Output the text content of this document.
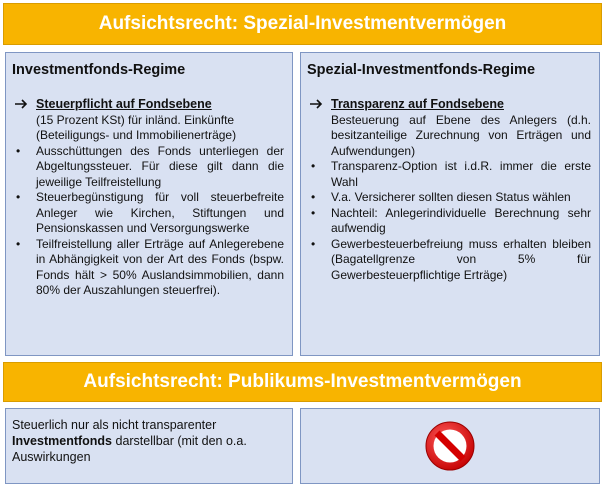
Aufsichtsrecht: Spezial-Investmentvermögen
Investmentfonds-Regime
Steuerpflicht auf Fondsebene
(15 Prozent KSt) für inländ. Einkünfte
(Beteiligungs- und Immobilienerträge)
• Ausschüttungen des Fonds unterliegen der Abgeltungssteuer. Für diese gilt dann die jeweilige Teilfreistellung
• Steuerbegünstigung für voll steuerbefreite Anleger wie Kirchen, Stiftungen und Pensionskassen und Versorgungswerke
• Teilfreistellung aller Erträge auf Anlegerebene in Abhängigkeit von der Art des Fonds (bspw. Fonds hält > 50% Auslandsimmobilien, dann 80% der Auszahlungen steuerfrei).
Spezial-Investmentfonds-Regime
Transparenz auf Fondsebene
Besteuerung auf Ebene des Anlegers (d.h. besitzanteilige Zurechnung von Erträgen und Aufwendungen)
• Transparenz-Option ist i.d.R. immer die erste Wahl
• V.a. Versicherer sollten diesen Status wählen
• Nachteil: Anlegerindividuelle Berechnung sehr aufwendig
• Gewerbesteuerbefreiung muss erhalten bleiben (Bagatellgrenze von 5% für Gewerbesteuerpflichtige Erträge)
Aufsichtsrecht: Publikums-Investmentvermögen
Steuerlich nur als nicht transparenter Investmentfonds darstellbar (mit den o.a. Auswirkungen
